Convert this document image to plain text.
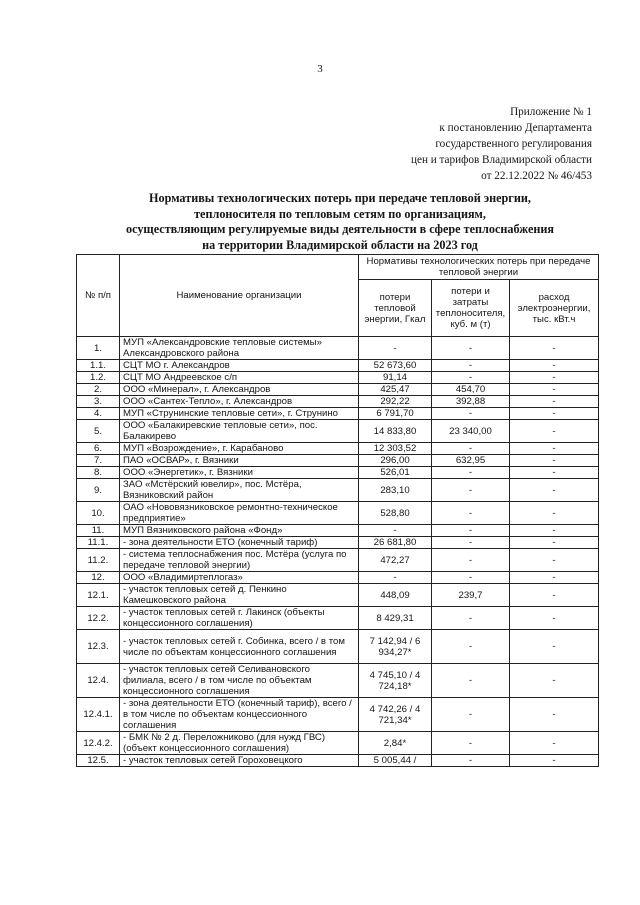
3
Приложение № 1
к постановлению Департамента
государственного регулирования
цен и тарифов Владимирской области
от 22.12.2022 № 46/453
Нормативы технологических потерь при передаче тепловой энергии,
теплоносителя по тепловым сетям по организациям,
осуществляющим регулируемые виды деятельности в сфере теплоснабжения
на территории Владимирской области на 2023 год
№ п/п	Наименование организации	Нормативы технологических потерь при передаче тепловой энергии		
		потери тепловой энергии, Гкал	потери и затраты теплоносителя, куб. м (т)	расход электроэнергии, тыс. кВт.ч
1.	МУП «Александровские тепловые системы» Александровского района	-	-	-
1.1.	СЦТ МО г. Александров	52 673,60	-	-
1.2.	СЦТ МО Андреевское с/п	91,14	-	-
2.	ООО «Минерал», г. Александров	425,47	454,70	-
3.	ООО «Сантех-Тепло», г. Александров	292,22	392,88	-
4.	МУП «Струнинские тепловые сети», г. Струнино	6 791,70	-	-
5.	ООО «Балакиревские тепловые сети», пос. Балакирево	14 833,80	23 340,00	-
6.	МУП «Возрождение», г. Карабаново	12 303,52	-	-
7.	ПАО «ОСВАР», г. Вязники	296,00	632,95	-
8.	ООО «Энергетик», г. Вязники	526,01	-	-
9.	ЗАО «Мстёрский ювелир», пос. Мстёра, Вязниковский район	283,10	-	-
10.	ОАО «Нововязниковское ремонтно-техническое предприятие»	528,80	-	-
11.	МУП Вязниковского района «Фонд»	-	-	-
11.1.	- зона деятельности ЕТО (конечный тариф)	26 681,80	-	-
11.2.	- система теплоснабжения пос. Мстёра (услуга по передаче тепловой энергии)	472,27	-	-
12.	ООО «Владимиртеплогаз»	-	-	-
12.1.	- участок тепловых сетей д. Пенкино Камешковского района	448,09	239,7	-
12.2.	- участок тепловых сетей г. Лакинск (объекты концессионного соглашения)	8 429,31	-	-
12.3.	- участок тепловых сетей г. Собинка, всего / в том числе по объектам концессионного соглашения	7 142,94 / 6 934,27*	-	-
12.4.	- участок тепловых сетей Селивановского филиала, всего / в том числе по объектам концессионного соглашения	4 745,10 / 4 724,18*	-	-
12.4.1.	- зона деятельности ЕТО (конечный тариф), всего / в том числе по объектам концессионного соглашения	4 742,26 / 4 721,34*	-	-
12.4.2.	- БМК № 2 д. Переложниково (для нужд ГВС) (объект концессионного соглашения)	2,84*	-	-
12.5.	- участок тепловых сетей Гороховецкого	5 005,44 /	-	-
